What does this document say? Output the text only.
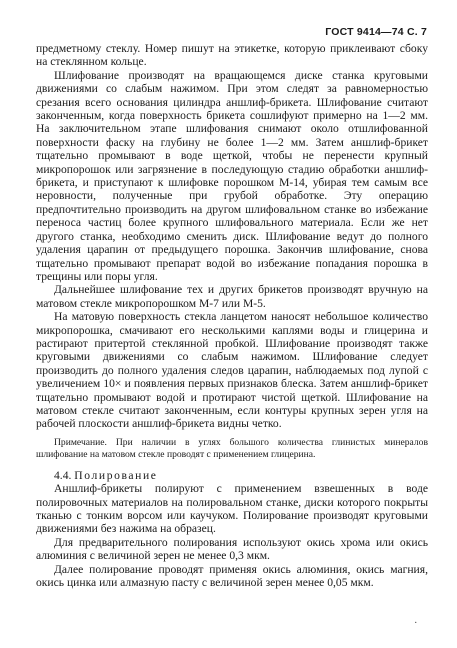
ГОСТ 9414—74 С. 7

предметному стеклу. Номер пишут на этикетке, которую приклеивают сбоку на стеклянном кольце.

Шлифование производят на вращающемся диске станка круговыми движениями со слабым нажимом. При этом следят за равномерностью срезания всего основания цилиндра аншлиф-брикета. Шлифование считают законченным, когда поверхность брикета сошлифуют примерно на 1—2 мм. На заключительном этапе шлифования снимают около отшлифованной поверхности фаску на глубину не более 1—2 мм. Затем аншлиф-брикет тщательно промывают в воде щеткой, чтобы не перенести крупный микропорошок или загрязнение в последующую стадию обработки аншлиф-брикета, и приступают к шлифовке порошком М-14, убирая тем самым все неровности, полученные при грубой обработке. Эту операцию предпочтительно производить на другом шлифовальном станке во избежание переноса частиц более крупного шлифовального материала. Если же нет другого станка, необходимо сменить диск. Шлифование ведут до полного удаления царапин от предыдущего порошка. Закончив шлифование, снова тщательно промывают препарат водой во избежание попадания порошка в трещины или поры угля.

Дальнейшее шлифование тех и других брикетов производят вручную на матовом стекле микропорошком М-7 или М-5.

На матовую поверхность стекла ланцетом наносят небольшое количество микропорошка, смачивают его несколькими каплями воды и глицерина и растирают притертой стеклянной пробкой. Шлифование производят также круговыми движениями со слабым нажимом. Шлифование следует производить до полного удаления следов царапин, наблюдаемых под лупой с увеличением 10× и появления первых признаков блеска. Затем аншлиф-брикет тщательно промывают водой и протирают чистой щеткой. Шлифование на матовом стекле считают законченным, если контуры крупных зерен угля на рабочей плоскости аншлиф-брикета видны четко.

Примечание. При наличии в углях большого количества глинистых минералов шлифование на матовом стекле проводят с применением глицерина.

4.4. Полирование

Аншлиф-брикеты полируют с применением взвешенных в воде полировочных материалов на полировальном станке, диски которого покрыты тканью с тонким ворсом или каучуком. Полирование производят круговыми движениями без нажима на образец.

Для предварительного полирования используют окись хрома или окись алюминия с величиной зерен не менее 0,3 мкм.

Далее полирование проводят применяя окись алюминия, окись магния, окись цинка или алмазную пасту с величиной зерен менее 0,05 мкм.

.
